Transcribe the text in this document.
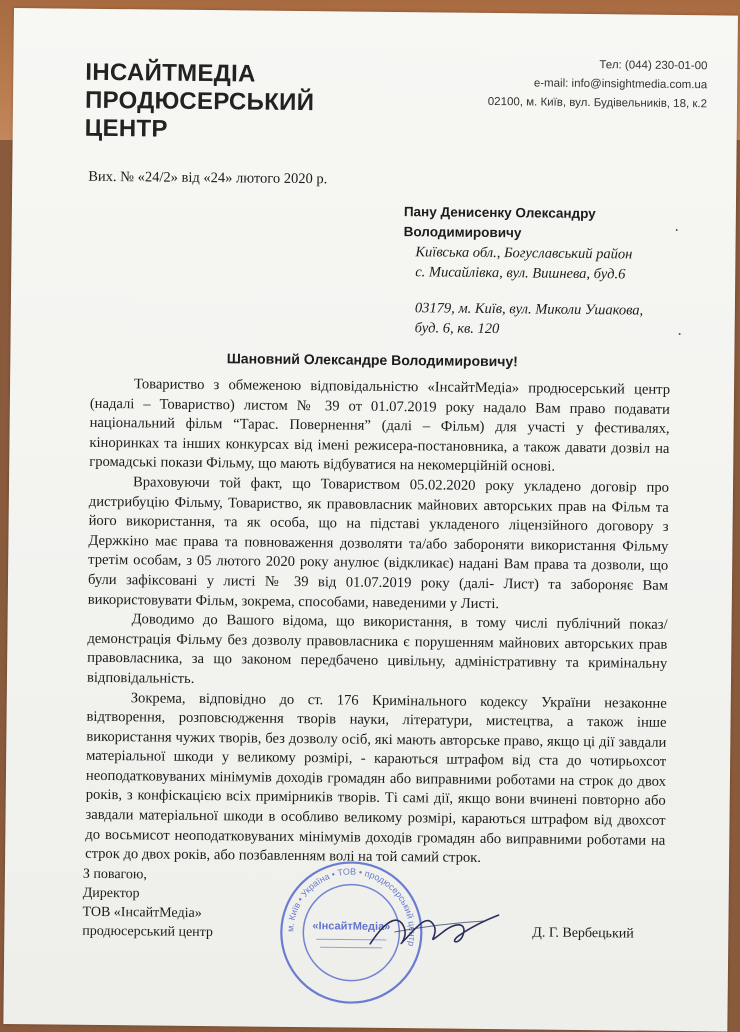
ІНСАЙТМЕДІА
ПРОДЮСЕРСЬКИЙ
ЦЕНТР
Тел: (044) 230-01-00
e-mail: info@insightmedia.com.ua
02100, м. Київ, вул. Будівельників, 18, к.2
Вих. № «24/2» від «24» лютого 2020 р.
Пану Денисенку Олександру
Володимировичу
Київська обл., Богуславський район
с. Мисайлівка, вул. Вишнева, буд.6
03179, м. Київ, вул. Миколи Ушакова,
буд. 6, кв. 120
Шановний Олександре Володимировичу!

Товариство з обмеженою відповідальністю «ІнсайтМедіа» продюсерський центр (надалі – Товариство) листом № 39 от 01.07.2019 року надало Вам право подавати національний фільм “Тарас. Повернення” (далі – Фільм) для участі у фестивалях, кіноринках та інших конкурсах від імені режисера-постановника, а також давати дозвіл на громадські покази Фільму, що мають відбуватися на некомерційній основі.

Враховуючи той факт, що Товариством 05.02.2020 року укладено договір про дистрибуцію Фільму, Товариство, як правовласник майнових авторських прав на Фільм та його використання, та як особа, що на підставі укладеного ліцензійного договору з Держкіно має права та повноваження дозволяти та/або забороняти використання Фільму третім особам, з 05 лютого 2020 року анулює (відкликає) надані Вам права та дозволи, що були зафіксовані у листі № 39 від 01.07.2019 року (далі- Лист) та забороняє Вам використовувати Фільм, зокрема, способами, наведеними у Листі.

Доводимо до Вашого відома, що використання, в тому числі публічний показ/демонстрація Фільму без дозволу правовласника є порушенням майнових авторських прав правовласника, за що законом передбачено цивільну, адміністративну та кримінальну відповідальність.

Зокрема, відповідно до ст. 176 Кримінального кодексу України незаконне відтворення, розповсюдження творів науки, літератури, мистецтва, а також інше використання чужих творів, без дозволу осіб, які мають авторське право, якщо ці дії завдали матеріальної шкоди у великому розмірі, - караються штрафом від ста до чотирьохсот неоподатковуваних мінімумів доходів громадян або виправними роботами на строк до двох років, з конфіскацією всіх примірників творів. Ті самі дії, якщо вони вчинені повторно або завдали матеріальної шкоди в особливо великому розмірі, караються штрафом від двохсот до восьмисот неоподатковуваних мінімумів доходів громадян або виправними роботами на строк до двох років, або позбавленням волі на той самий строк.

З повагою,
Директор
ТОВ «ІнсайтМедіа»
продюсерський центр	м. Київ • Україна • ТОВ • продюсерський центр
«ІнсайтМедіа»	Д. Г. Вербецький
